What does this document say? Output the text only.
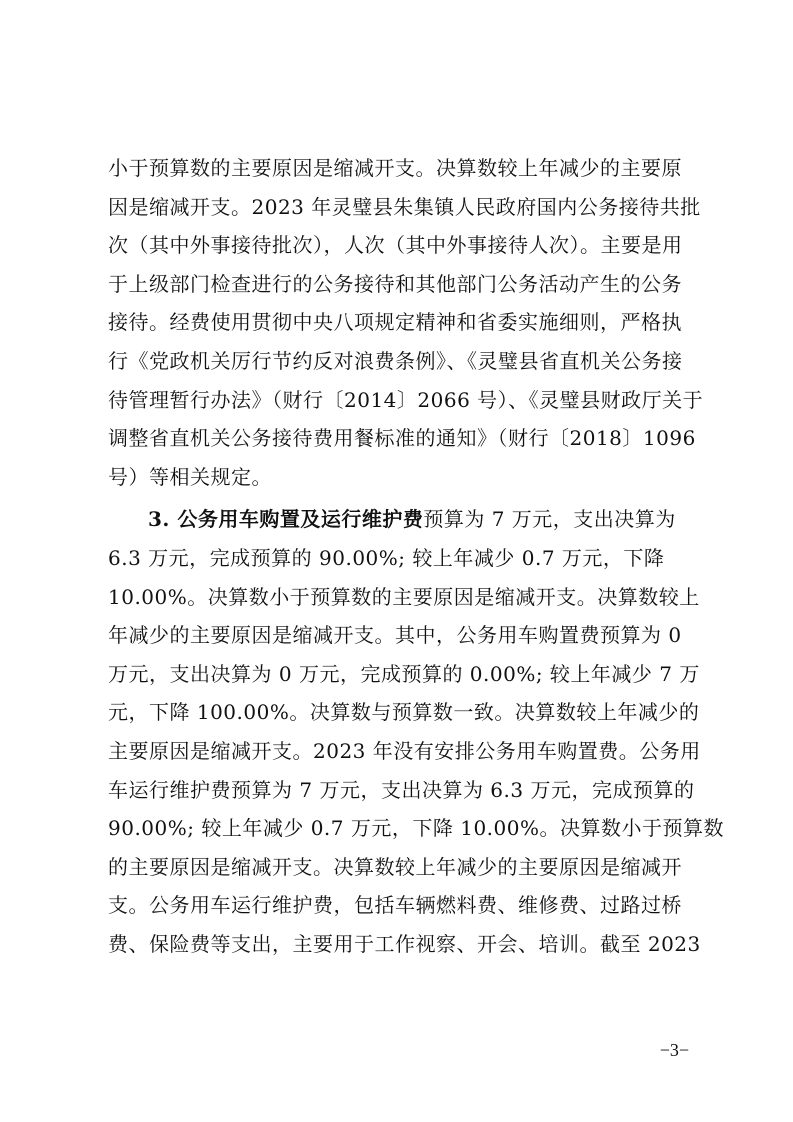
小于预算数的主要原因是缩减开支。决算数较上年减少的主要原
因是缩减开支。2023 年灵璧县朱集镇人民政府国内公务接待共批
次（其中外事接待批次），人次（其中外事接待人次）。主要是用
于上级部门检查进行的公务接待和其他部门公务活动产生的公务
接待。经费使用贯彻中央八项规定精神和省委实施细则，严格执
行《党政机关厉行节约反对浪费条例》、《灵璧县省直机关公务接
待管理暂行办法》（财行〔2014〕2066 号）、《灵璧县财政厅关于
调整省直机关公务接待费用餐标准的通知》（财行〔2018〕1096
号）等相关规定。
3. 公务用车购置及运行维护费预算为 7 万元，支出决算为
6.3 万元，完成预算的 90.00%; 较上年减少 0.7 万元，下降
10.00%。决算数小于预算数的主要原因是缩减开支。决算数较上
年减少的主要原因是缩减开支。其中，公务用车购置费预算为 0
万元，支出决算为 0 万元，完成预算的 0.00%; 较上年减少 7 万
元，下降 100.00%。决算数与预算数一致。决算数较上年减少的
主要原因是缩减开支。2023 年没有安排公务用车购置费。公务用
车运行维护费预算为 7 万元，支出决算为 6.3 万元，完成预算的
90.00%; 较上年减少 0.7 万元，下降 10.00%。决算数小于预算数
的主要原因是缩减开支。决算数较上年减少的主要原因是缩减开
支。公务用车运行维护费，包括车辆燃料费、维修费、过路过桥
费、保险费等支出，主要用于工作视察、开会、培训。截至 2023
−3−
